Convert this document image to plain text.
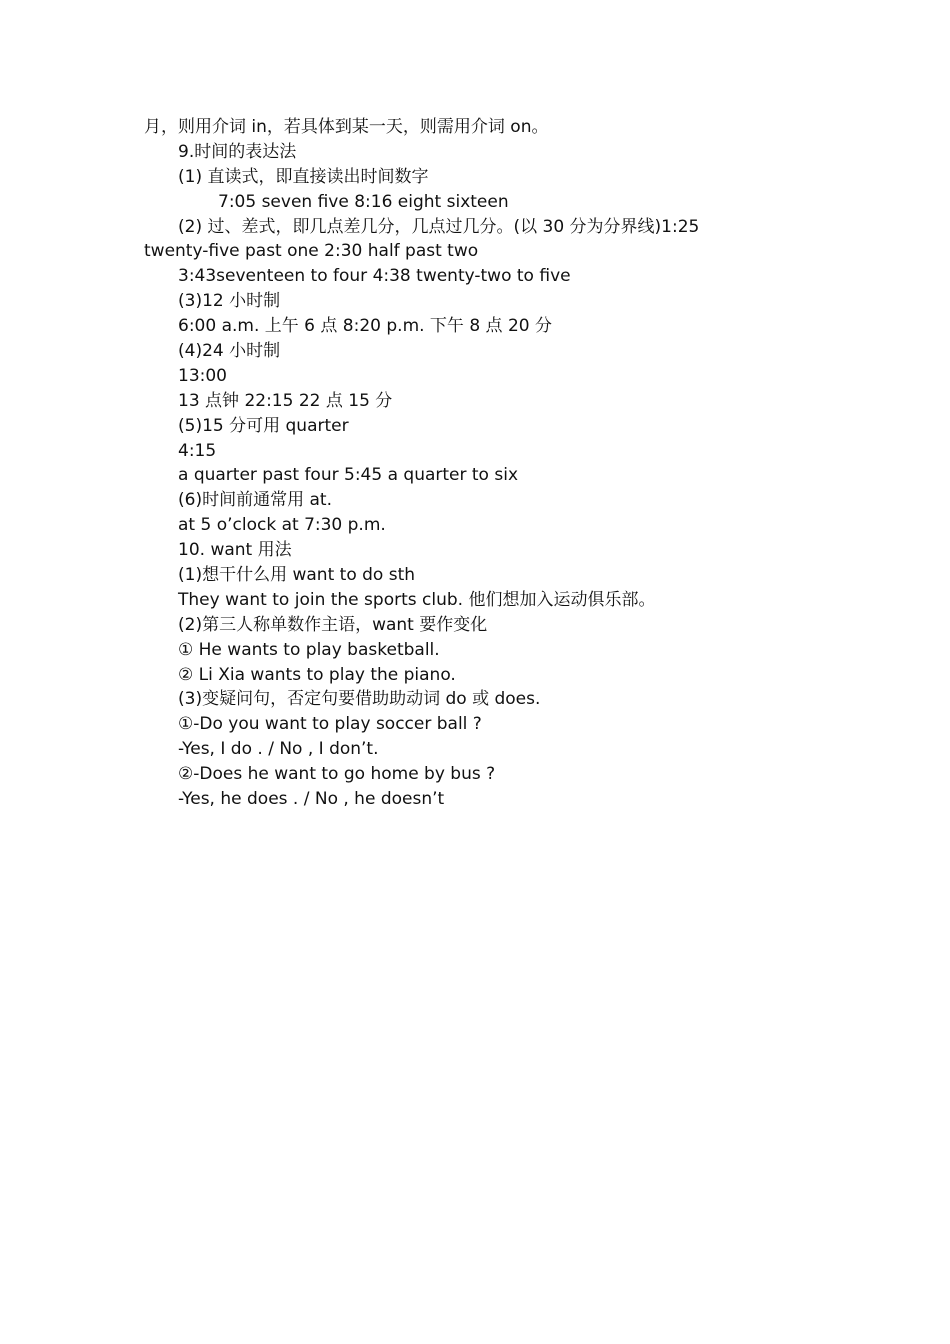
月，则用介词 in，若具体到某一天，则需用介词 on。
9.时间的表达法
(1) 直读式，即直接读出时间数字
7:05 seven five 8:16 eight sixteen
(2) 过、差式，即几点差几分，几点过几分。(以 30 分为分界线)1:25
twenty-five past one 2:30 half past two
3:43seventeen to four 4:38 twenty-two to five
(3)12 小时制
6:00 a.m. 上午 6 点 8:20 p.m. 下午 8 点 20 分
(4)24 小时制
13:00
13 点钟 22:15 22 点 15 分
(5)15 分可用 quarter
4:15
a quarter past four 5:45 a quarter to six
(6)时间前通常用 at.
at 5 o’clock at 7:30 p.m.
10. want 用法
(1)想干什么用 want to do sth
They want to join the sports club. 他们想加入运动俱乐部。
(2)第三人称单数作主语，want 要作变化
① He wants to play basketball.
② Li Xia wants to play the piano.
(3)变疑问句，否定句要借助助动词 do 或 does.
①-Do you want to play soccer ball ?
-Yes, I do . / No , I don’t.
②-Does he want to go home by bus ?
-Yes, he does . / No , he doesn’t
